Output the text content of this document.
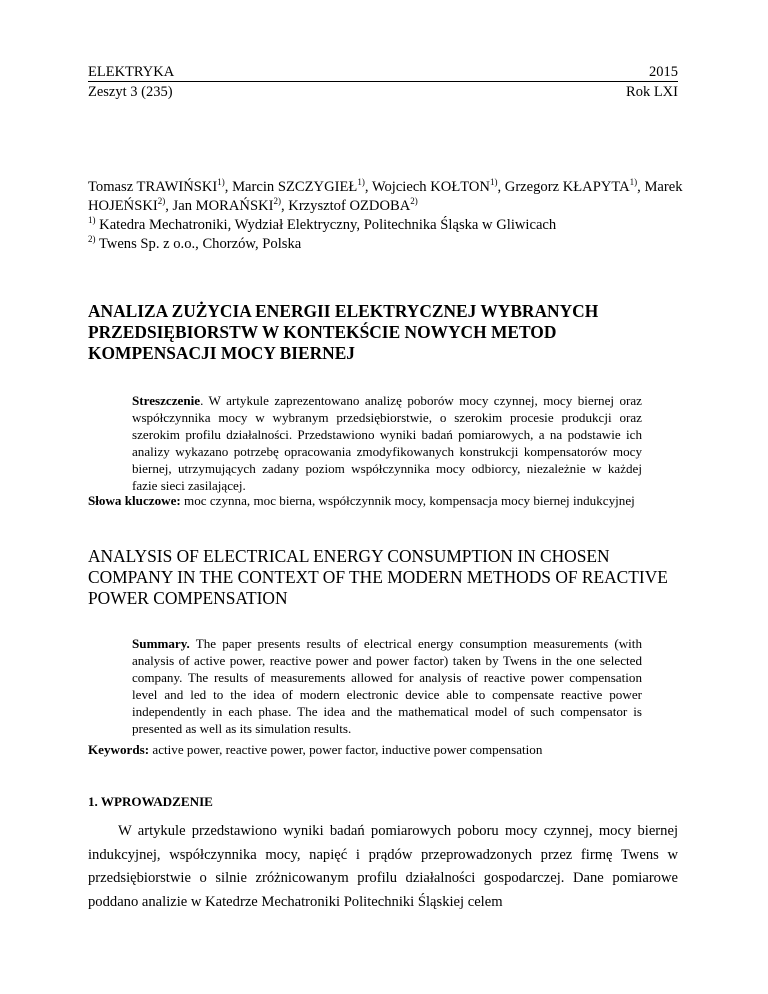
ELEKTRYKA
Zeszyt 3 (235)
2015
Rok LXI
Tomasz TRAWIŃSKI$^{1)}$, Marcin SZCZYGIEŁ$^{1)}$, Wojciech KOŁTON$^{1)}$, Grzegorz KŁAPYTA$^{1)}$, Marek HOJEŃSKI$^{2)}$, Jan MORAŃSKI$^{2)}$, Krzysztof OZDOBA$^{2)}$
$^{1)}$ Katedra Mechatroniki, Wydział Elektryczny, Politechnika Śląska w Gliwicach
$^{2)}$ Twens Sp. z o.o., Chorzów, Polska
ANALIZA ZUŻYCIA ENERGII ELEKTRYCZNEJ WYBRANYCH PRZEDSIĘBIORSTW W KONTEKŚCIE NOWYCH METOD KOMPENSACJI MOCY BIERNEJ
Streszczenie. W artykule zaprezentowano analizę poborów mocy czynnej, mocy biernej oraz współczynnika mocy w wybranym przedsiębiorstwie, o szerokim procesie produkcji oraz szerokim profilu działalności. Przedstawiono wyniki badań pomiarowych, a na podstawie ich analizy wykazano potrzebę opracowania zmodyfikowanych konstrukcji kompensatorów mocy biernej, utrzymujących zadany poziom współczynnika mocy odbiorcy, niezależnie w każdej fazie sieci zasilającej.
Słowa kluczowe: moc czynna, moc bierna, współczynnik mocy, kompensacja mocy biernej indukcyjnej
ANALYSIS OF ELECTRICAL ENERGY CONSUMPTION IN CHOSEN COMPANY IN THE CONTEXT OF THE MODERN METHODS OF REACTIVE POWER COMPENSATION
Summary. The paper presents results of electrical energy consumption measurements (with analysis of active power, reactive power and power factor) taken by Twens in the one selected company. The results of measurements allowed for analysis of reactive power compensation level and led to the idea of modern electronic device able to compensate reactive power independently in each phase. The idea and the mathematical model of such compensator is presented as well as its simulation results.
Keywords: active power, reactive power, power factor, inductive power compensation
1. WPROWADZENIE
W artykule przedstawiono wyniki badań pomiarowych poboru mocy czynnej, mocy biernej indukcyjnej, współczynnika mocy, napięć i prądów przeprowadzonych przez firmę Twens w przedsiębiorstwie o silnie zróżnicowanym profilu działalności gospodarczej. Dane pomiarowe poddano analizie w Katedrze Mechatroniki Politechniki Śląskiej celem
